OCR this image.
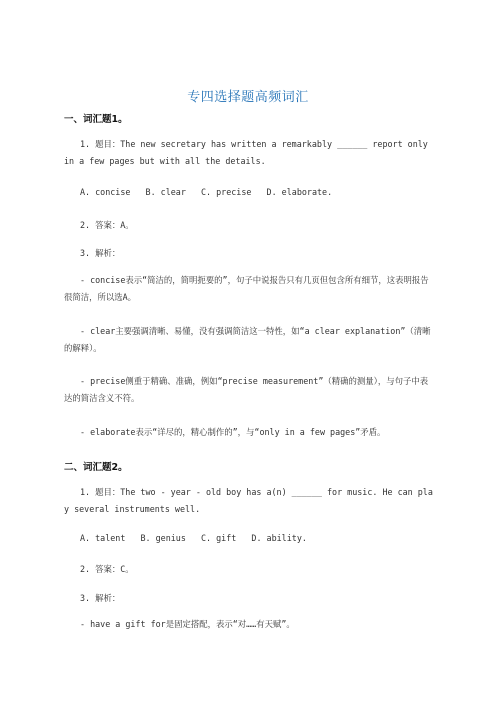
专四选择题高频词汇
一、词汇题1。
1. 题目：The new secretary has written a remarkably ______ report only in a few pages but with all the details.
A. concise   B. clear   C. precise   D. elaborate.
2. 答案：A。
3. 解析：
- concise表示“简洁的，简明扼要的”，句子中说报告只有几页但包含所有细节，这表明报告很简洁，所以选A。
- clear主要强调清晰、易懂，没有强调简洁这一特性，如“a clear explanation”（清晰的解释）。
- precise侧重于精确、准确，例如“precise measurement”（精确的测量），与句子中表达的简洁含义不符。
- elaborate表示“详尽的，精心制作的”，与“only in a few pages”矛盾。
二、词汇题2。
1. 题目：The two - year - old boy has a(n) ______ for music. He can play several instruments well.
A. talent   B. genius   C. gift   D. ability.
2. 答案：C。
3. 解析：
- have a gift for是固定搭配，表示“对……有天赋”。
